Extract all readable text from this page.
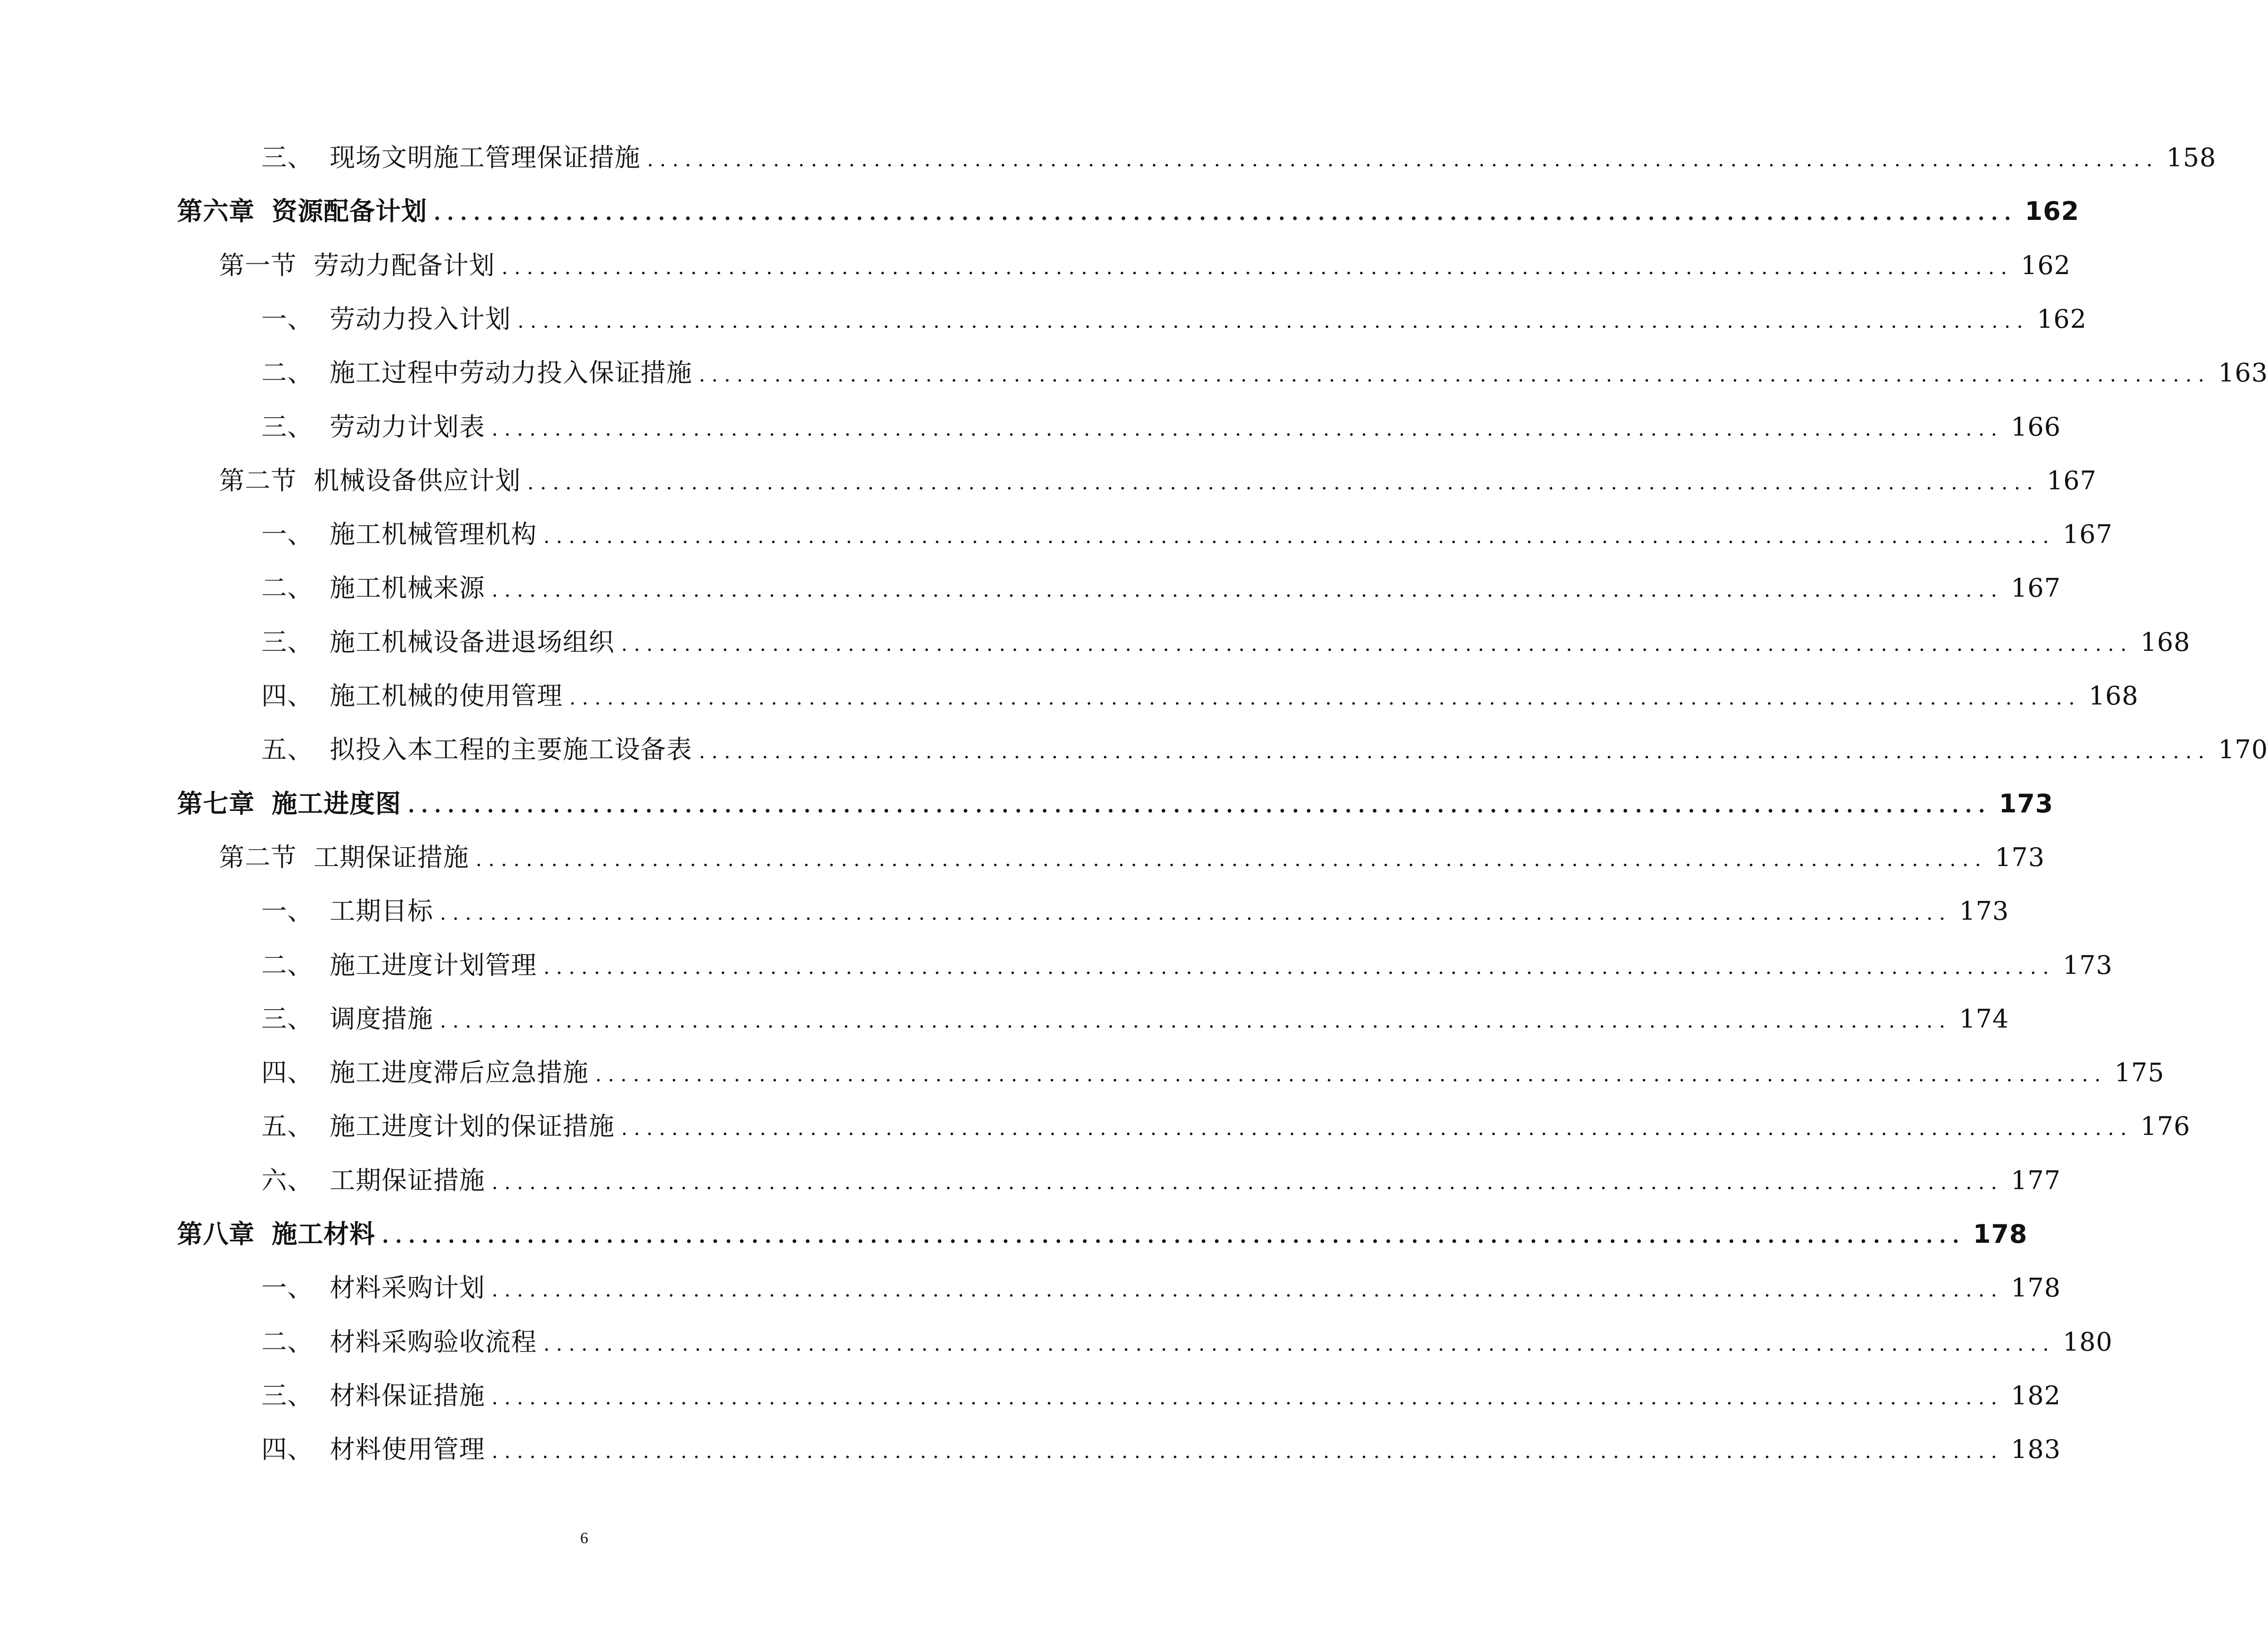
三、 现场文明施工管理保证措施 ........................................................................................................................ 158
第六章 资源配备计划 ........................................................................................................................ 162
第一节 劳动力配备计划 ........................................................................................................................ 162
一、 劳动力投入计划 ........................................................................................................................ 162
二、 施工过程中劳动力投入保证措施 ........................................................................................................................ 163
三、 劳动力计划表 ........................................................................................................................ 166
第二节 机械设备供应计划 ........................................................................................................................ 167
一、 施工机械管理机构 ........................................................................................................................ 167
二、 施工机械来源 ........................................................................................................................ 167
三、 施工机械设备进退场组织 ........................................................................................................................ 168
四、 施工机械的使用管理 ........................................................................................................................ 168
五、 拟投入本工程的主要施工设备表 ........................................................................................................................ 170
第七章 施工进度图 ........................................................................................................................ 173
第二节 工期保证措施 ........................................................................................................................ 173
一、 工期目标 ........................................................................................................................ 173
二、 施工进度计划管理 ........................................................................................................................ 173
三、 调度措施 ........................................................................................................................ 174
四、 施工进度滞后应急措施 ........................................................................................................................ 175
五、 施工进度计划的保证措施 ........................................................................................................................ 176
六、 工期保证措施 ........................................................................................................................ 177
第八章 施工材料 ........................................................................................................................ 178
一、 材料采购计划 ........................................................................................................................ 178
二、 材料采购验收流程 ........................................................................................................................ 180
三、 材料保证措施 ........................................................................................................................ 182
四、 材料使用管理 ........................................................................................................................ 183
6
